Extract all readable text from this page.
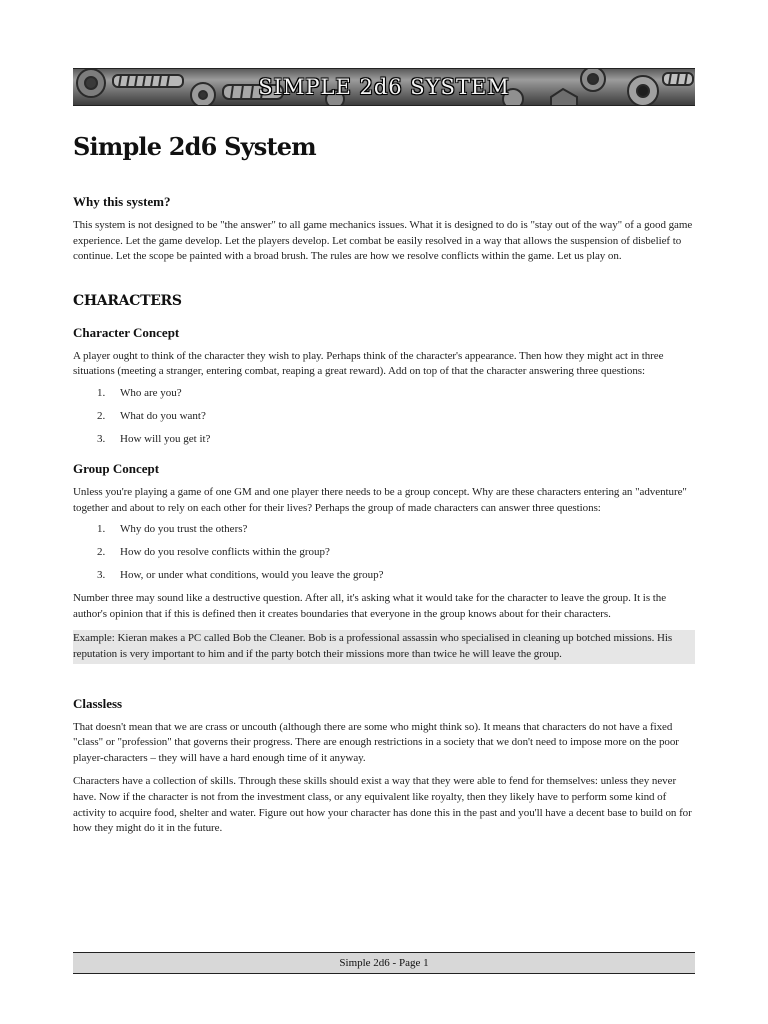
SIMPLE 2d6 SYSTEM
Simple 2d6 System
Why this system?

This system is not designed to be "the answer" to all game mechanics issues. What it is designed to do is "stay out of the way" of a good game experience. Let the game develop. Let the players develop. Let combat be easily resolved in a way that allows the suspension of disbelief to continue. Let the scope be painted with a broad brush. The rules are how we resolve conflicts within the game. Let us play on.

CHARACTERS
Character Concept

A player ought to think of the character they wish to play. Perhaps think of the character's appearance. Then how they might act in three situations (meeting a stranger, entering combat, reaping a great reward). Add on top of that the character answering three questions:

1. Who are you?
2. What do you want?
3. How will you get it?
Group Concept

Unless you're playing a game of one GM and one player there needs to be a group concept. Why are these characters entering an "adventure" together and about to rely on each other for their lives? Perhaps the group of made characters can answer three questions:

1. Why do you trust the others?
2. How do you resolve conflicts within the group?
3. How, or under what conditions, would you leave the group?

Number three may sound like a destructive question. After all, it's asking what it would take for the character to leave the group. It is the author's opinion that if this is defined then it creates boundaries that everyone in the group knows about for their characters.

Example: Kieran makes a PC called Bob the Cleaner. Bob is a professional assassin who specialised in cleaning up botched missions. His reputation is very important to him and if the party botch their missions more than twice he will leave the group.

Classless

That doesn't mean that we are crass or uncouth (although there are some who might think so). It means that characters do not have a fixed "class" or "profession" that governs their progress. There are enough restrictions in a society that we don't need to impose more on the poor player-characters – they will have a hard enough time of it anyway.

Characters have a collection of skills. Through these skills should exist a way that they were able to fend for themselves: unless they never have. Now if the character is not from the investment class, or any equivalent like royalty, then they likely have to perform some kind of activity to acquire food, shelter and water. Figure out how your character has done this in the past and you'll have a decent base to build on for how they might do it in the future.

Simple 2d6 - Page 1
